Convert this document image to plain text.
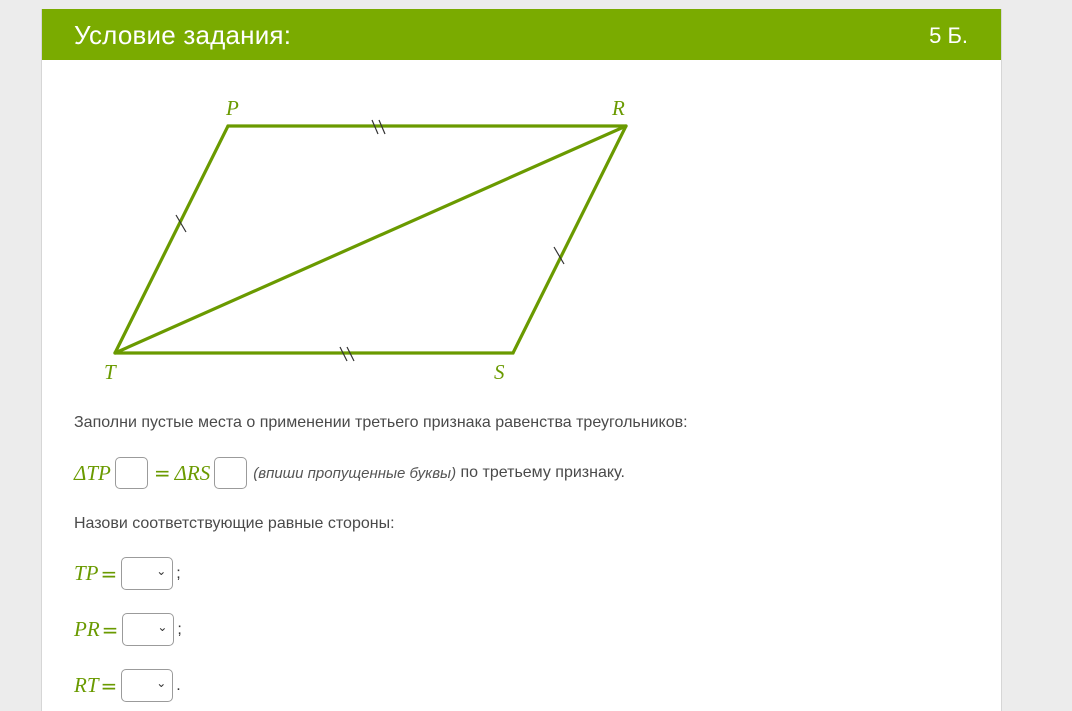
Условие задания:	5 Б.
P	R
T	S
Заполни пустые места о применении третьего признака равенства треугольников:
ΔTP = ΔRS	(впиши пропущенные буквы) по третьему признаку.
Назови соответствующие равные стороны:
TP =	⌄ ;
PR =	⌄ ;
RT =	⌄ .
